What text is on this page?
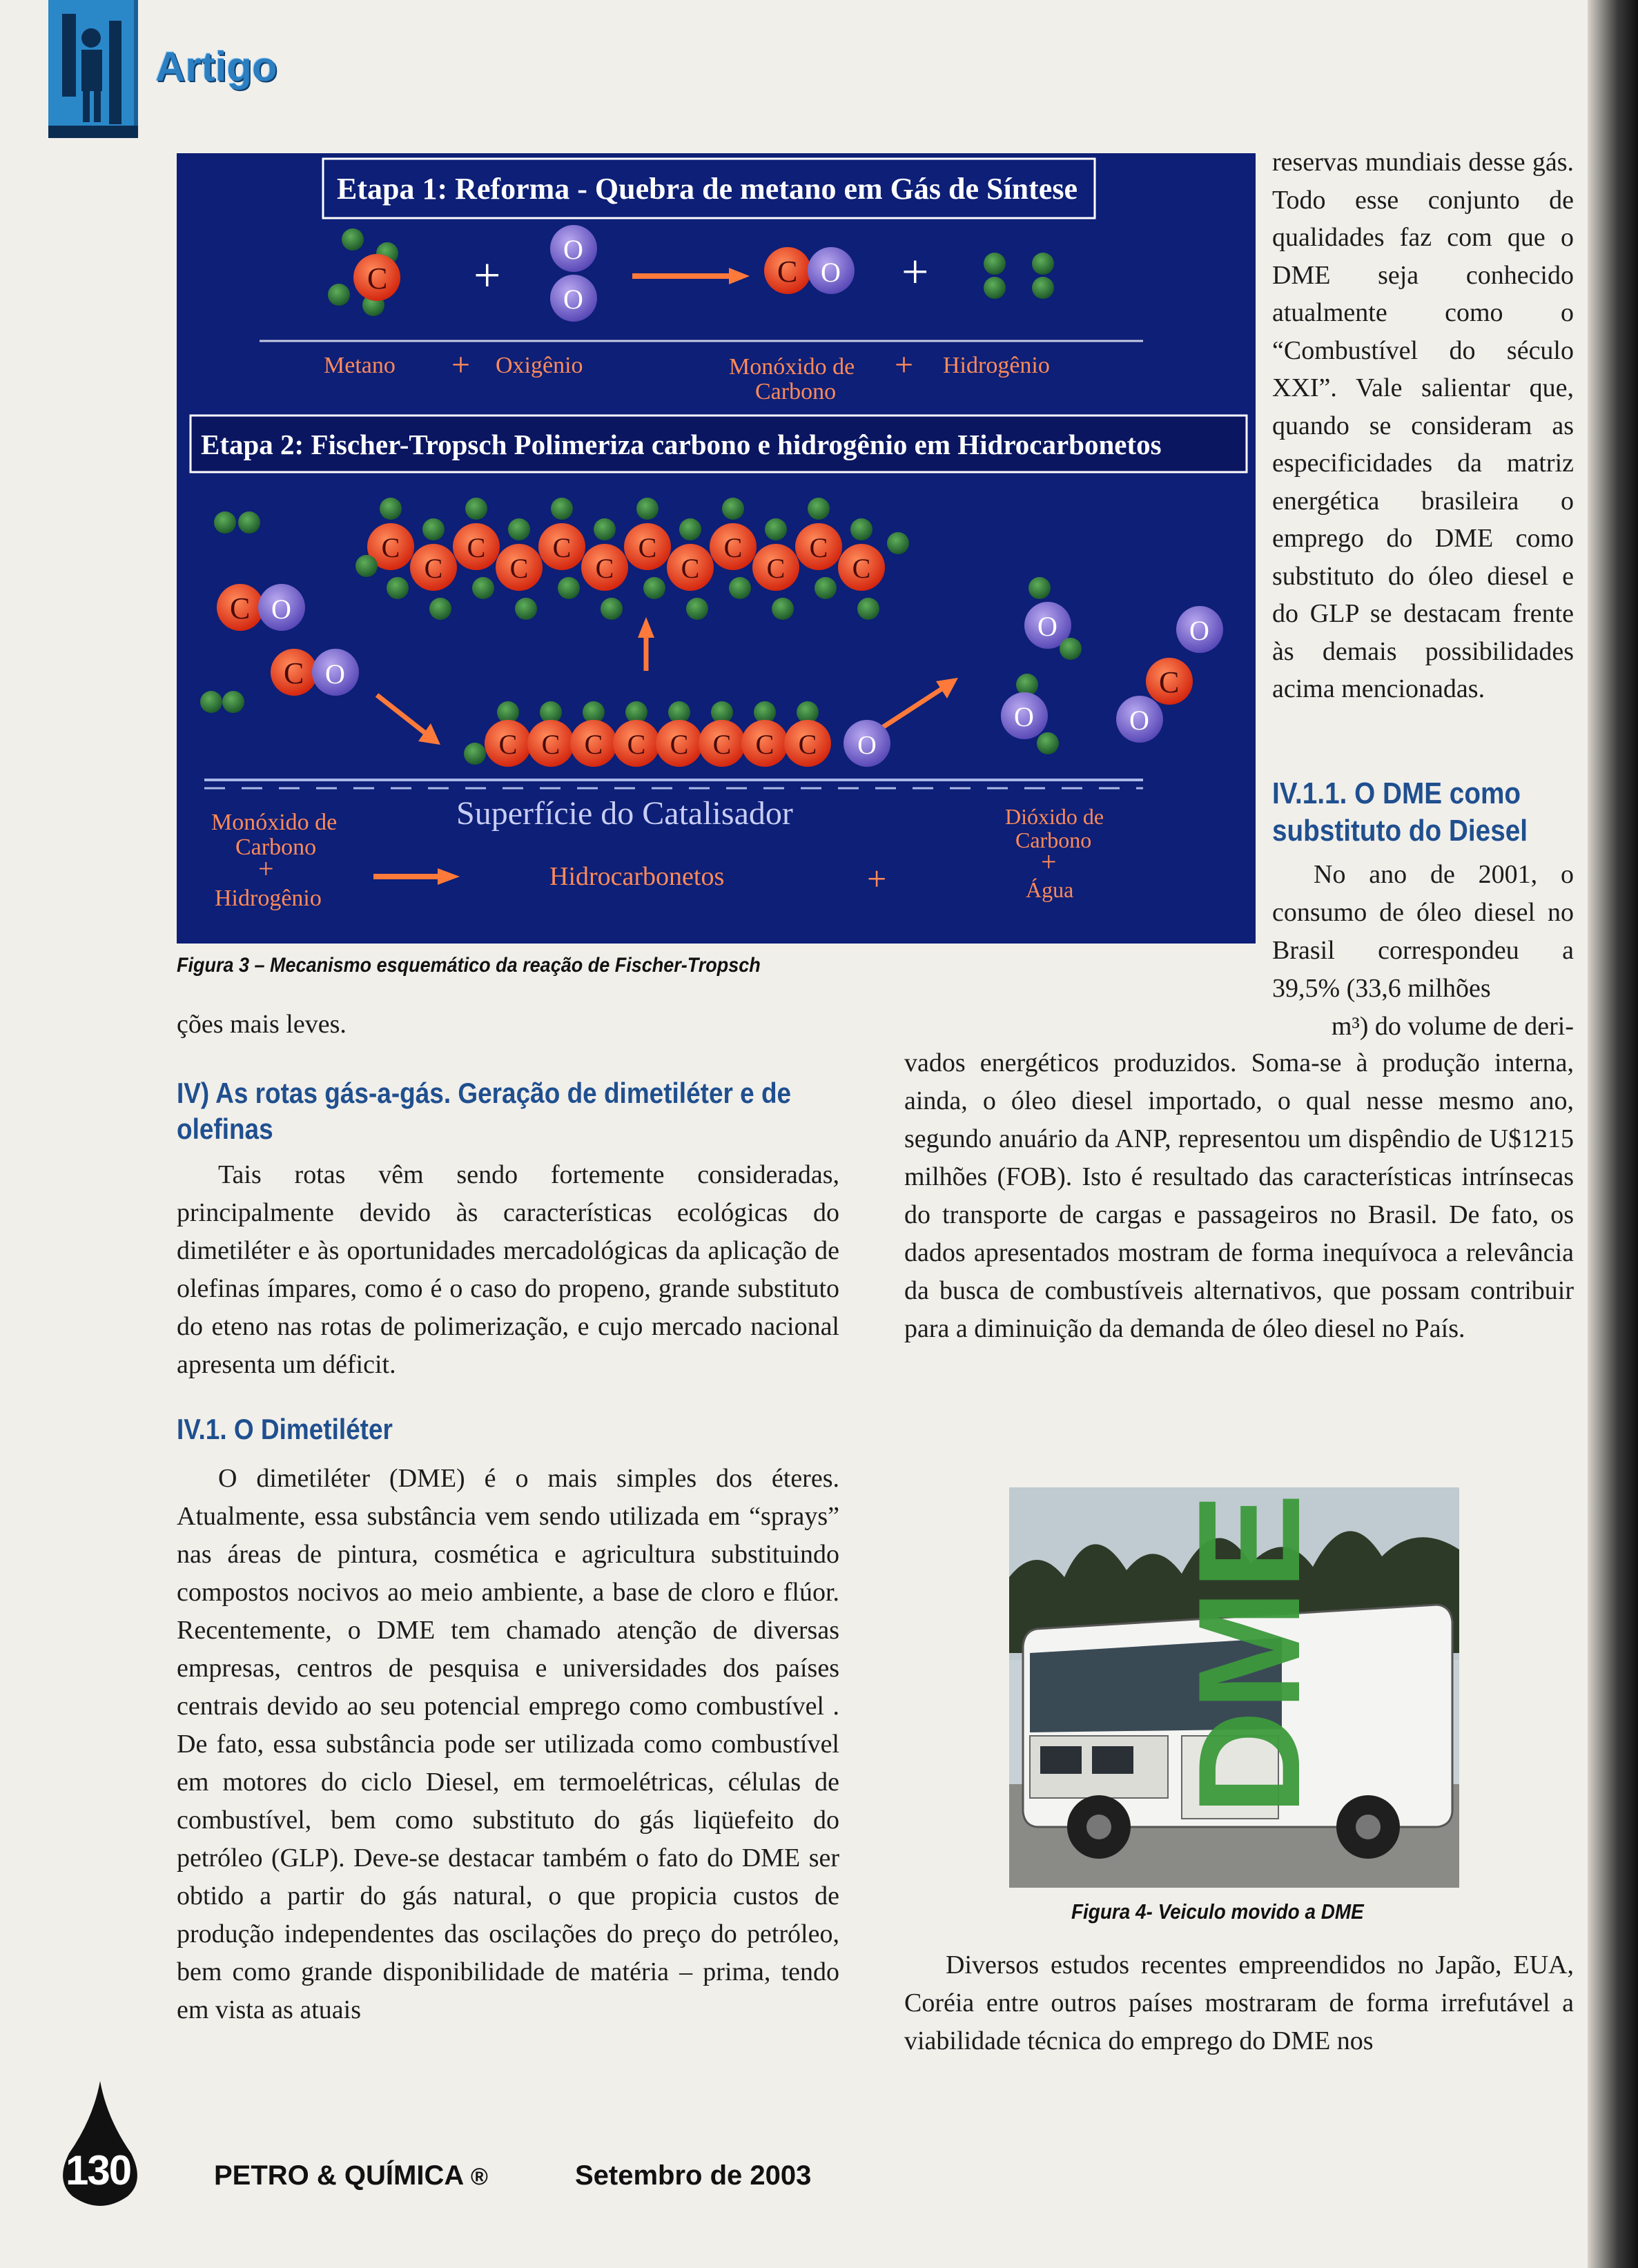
Artigo
Etapa 1: Reforma - Quebra de metano em Gás de Síntese
C + O
O
C O +
Metano + Oxigênio	Monóxido de
Carbono
+ Hidrogênio
Etapa 2: Fischer-Tropsch Polimeriza carbono e hidrogênio em Hidrocarbonetos
C
C
C
C
C
C
C
C
C
C
C
C
C O
C O
C C C C C C C C O
O
O
O
C
O
Superfície do Catalisador
Monóxido de
Carbono
+
Hidrogênio
Hidrocarbonetos	+
Dióxido de
Carbono
+
Água
Figura 3 – Mecanismo esquemático da reação de Fischer-Tropsch

ções mais leves.

IV) As rotas gás-a-gás. Geração de dimetiléter e de olefinas

Tais rotas vêm sendo fortemente consideradas, principalmente devido às características ecológicas do dimetiléter e às oportunidades mercadológicas da aplicação de olefinas ímpares, como é o caso do propeno, grande substituto do eteno nas rotas de polimerização, e cujo mercado nacional apresenta um déficit.

IV.1. O Dimetiléter

O dimetiléter (DME) é o mais simples dos éteres. Atualmente, essa substância vem sendo utilizada em “sprays” nas áreas de pintura, cosmética e agricultura substituindo compostos nocivos ao meio ambiente, a base de cloro e flúor. Recentemente, o DME tem chamado atenção de diversas empresas, centros de pesquisa e universidades dos países centrais devido ao seu potencial emprego como combustível . De fato, essa substância pode ser utilizada como combustível em motores do ciclo Diesel, em termoelétricas, células de combustível, bem como substituto do gás liqüefeito do petróleo (GLP). Deve-se destacar também o fato do DME ser obtido a partir do gás natural, o que propicia custos de produção independentes das oscilações do preço do petróleo, bem como grande disponibilidade de matéria – prima, tendo em vista as atuais

reservas mundiais desse gás. Todo esse conjunto de qualidades faz com que o DME seja conhecido atualmente como o “Combustível do século XXI”. Vale salientar que, quando se consideram as especificidades da matriz energética brasileira o emprego do DME como substituto do óleo diesel e do GLP se destacam frente às demais possibilidades acima mencionadas.

IV.1.1. O DME como substituto do Diesel

No ano de 2001, o consumo de óleo diesel no Brasil correspondeu a 39,5% (33,6 milhões

m³) do volume de deri-

vados energéticos produzidos. Soma-se à produção interna, ainda, o óleo diesel importado, o qual nesse mesmo ano, segundo anuário da ANP, representou um dispêndio de U$1215 milhões (FOB). Isto é resultado das características intrínsecas do transporte de cargas e passageiros no Brasil. De fato, os dados apresentados mostram de forma inequívoca a relevância da busca de combustíveis alternativos, que possam contribuir para a diminuição da demanda de óleo diesel no País.

DME
Figura 4- Veiculo movido a DME

Diversos estudos recentes empreendidos no Japão, EUA, Coréia entre outros países mostraram de forma irrefutável a viabilidade técnica do emprego do DME nos

130	PETRO & QUÍMICA ®	Setembro de 2003
